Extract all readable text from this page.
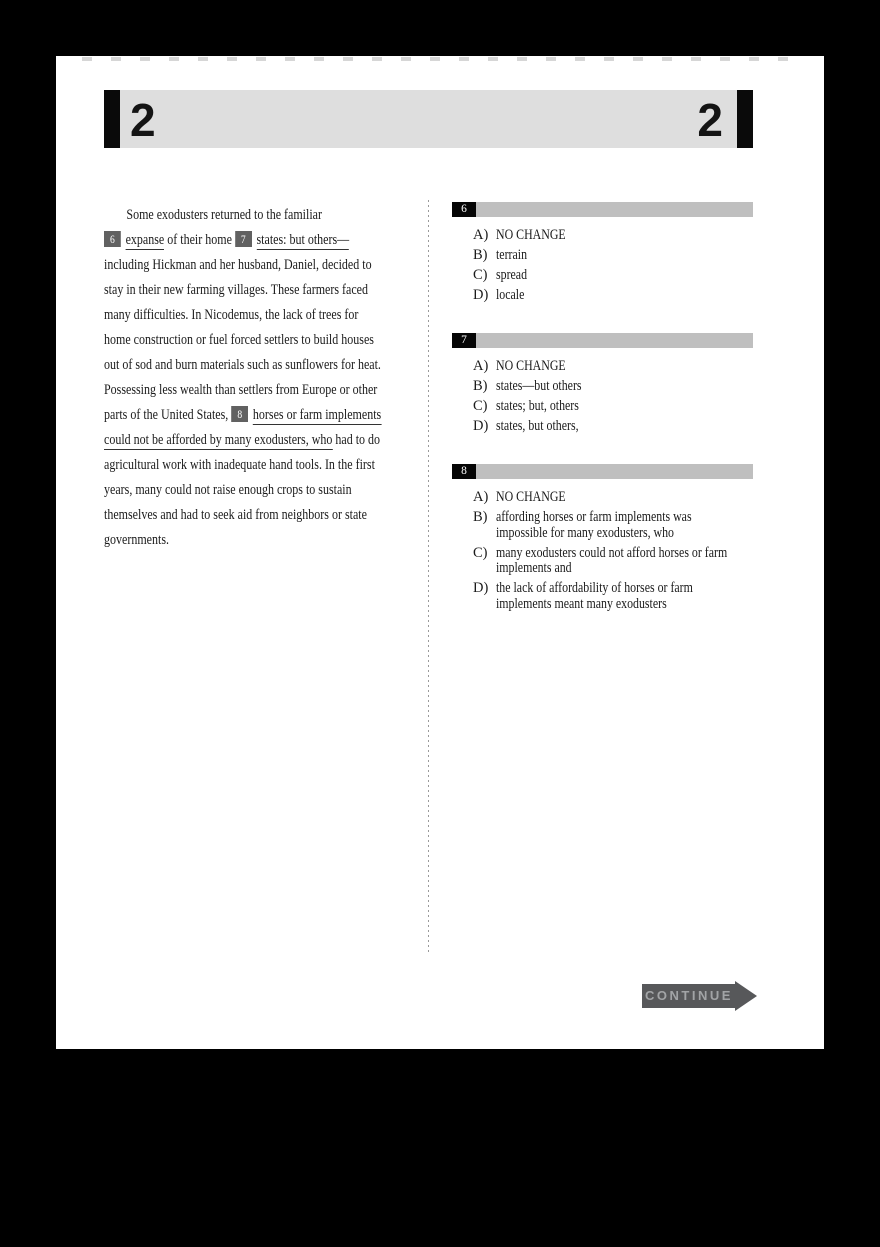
2	2
Some exodusters returned to the familiar
6 expanse of their home 7 states: but others—
including Hickman and her husband, Daniel, decided to
stay in their new farming villages. These farmers faced
many difficulties. In Nicodemus, the lack of trees for
home construction or fuel forced settlers to build houses
out of sod and burn materials such as sunflowers for heat.
Possessing less wealth than settlers from Europe or other
parts of the United States, 8 horses or farm implements
could not be afforded by many exodusters, who had to do
agricultural work with inadequate hand tools. In the first
years, many could not raise enough crops to sustain
themselves and had to seek aid from neighbors or state
governments.
6
A) NO CHANGE
B) terrain
C) spread
D) locale
7
A) NO CHANGE
B) states—but others
C) states; but, others
D) states, but others,
8
A) NO CHANGE
B) affording horses or farm implements was
impossible for many exodusters, who
C) many exodusters could not afford horses or farm
implements and
D) the lack of affordability of horses or farm
implements meant many exodusters
CONTINUE
